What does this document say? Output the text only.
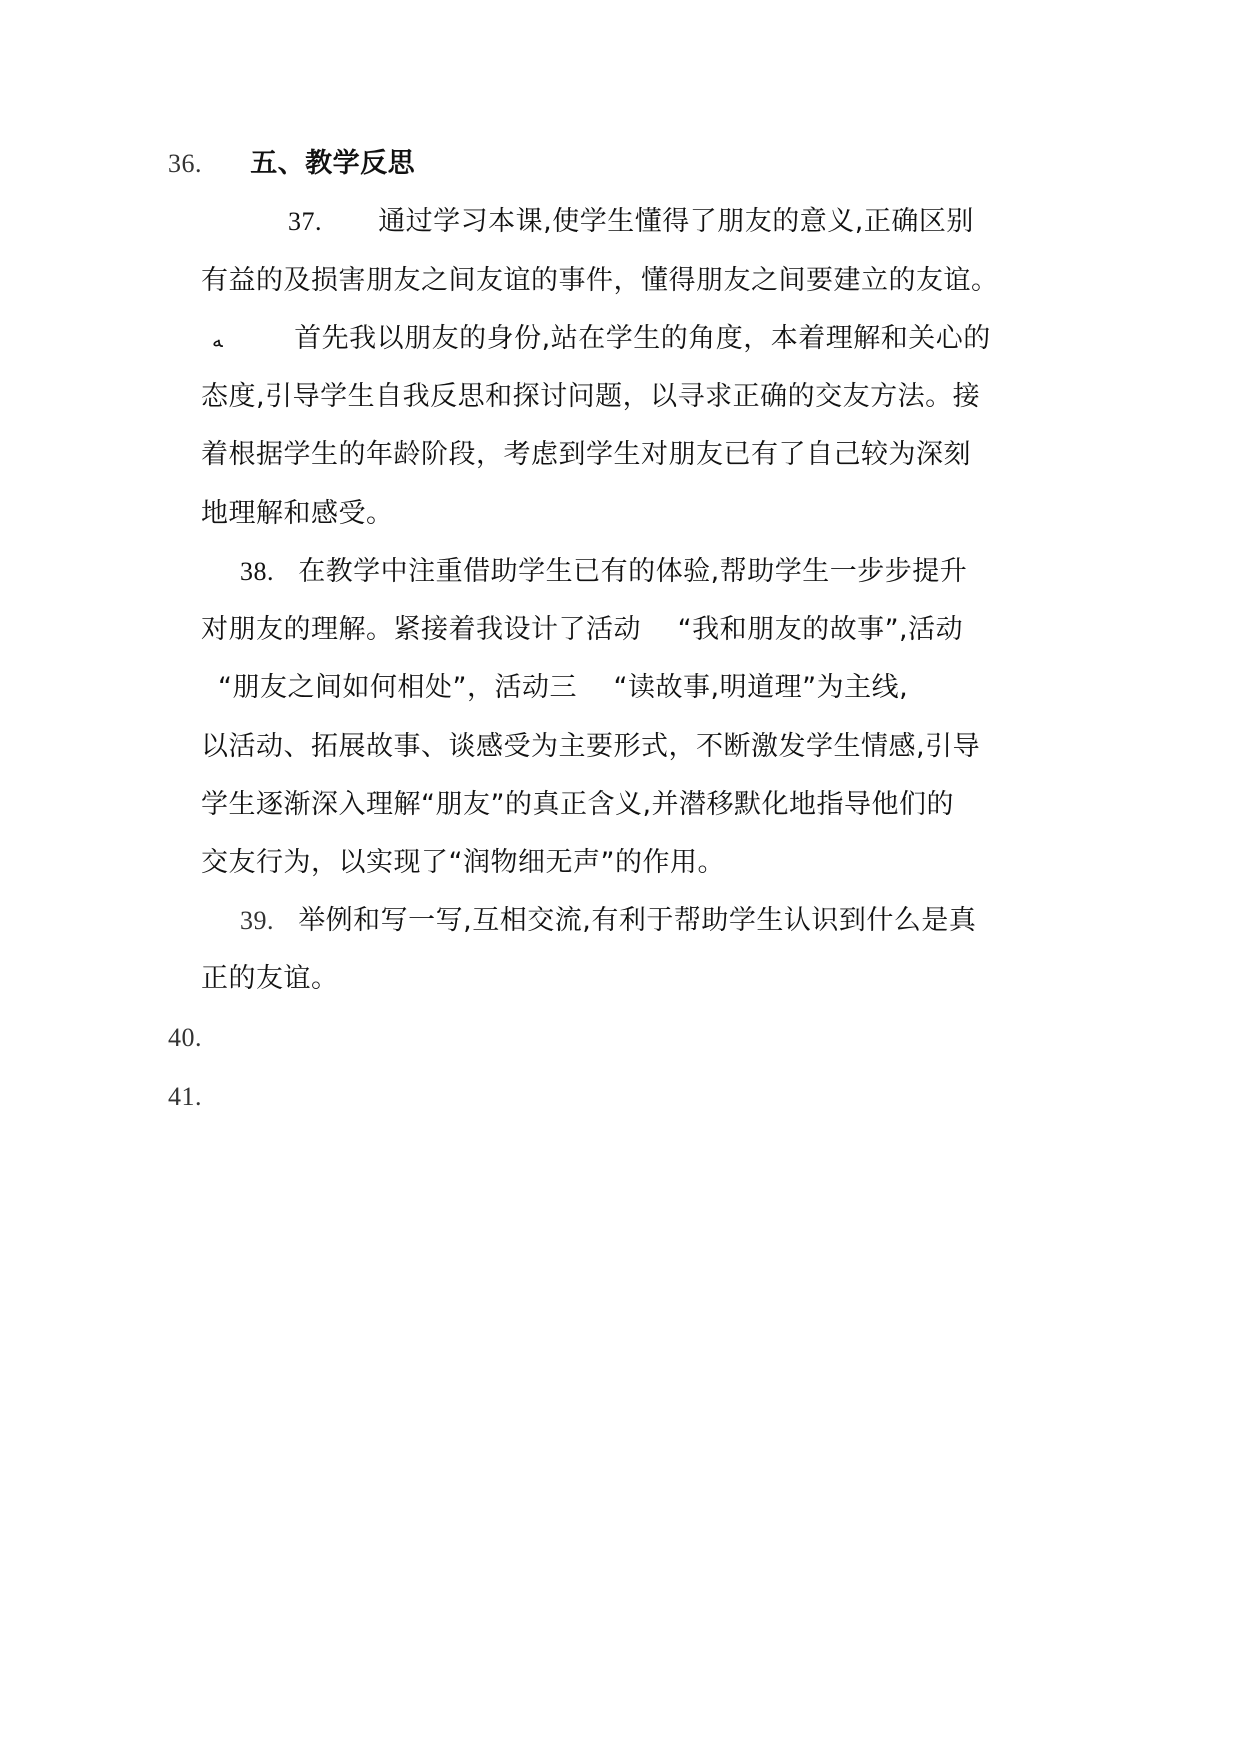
36. 五、教学反思
37. 通过学习本课,使学生懂得了朋友的意义,正确区别
有益的及损害朋友之间友谊的事件，懂得朋友之间要建立的友谊。
ﻪ	首先我以朋友的身份,站在学生的角度，本着理解和关心的
态度,引导学生自我反思和探讨问题，以寻求正确的交友方法。接
着根据学生的年龄阶段，考虑到学生对朋友已有了自己较为深刻
地理解和感受。
38. 在教学中注重借助学生已有的体验,帮助学生一步步提升
对朋友的理解。紧接着我设计了活动　 “我和朋友的故事”,活动
“朋友之间如何相处”，活动三　 “读故事,明道理”为主线,
以活动、拓展故事、谈感受为主要形式，不断激发学生情感,引导
学生逐渐深入理解“朋友”的真正含义,并潜移默化地指导他们的
交友行为，以实现了“润物细无声”的作用。
39. 举例和写一写,互相交流,有利于帮助学生认识到什么是真
正的友谊。
40.
41.
